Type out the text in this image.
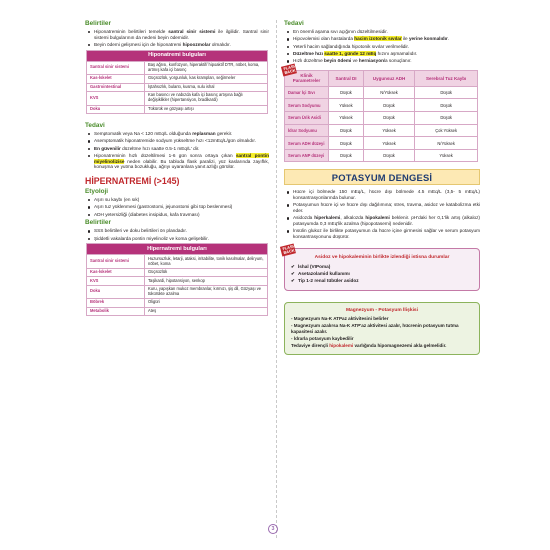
Belirtiler
Hiponatreminin belirtileri temelde santral sinir sistemi ile ilgilidir. Santral sinir sistemi bulgularının da nedeni beyin ödemidir.
Beyin ödemi gelişmesi için de hiponatremi hipoozmolar olmalıdır.
Hiponatremi bulguları	
Santral sinir sistemi	Baş ağrısı, konfüzyon, hiperaktif/ hipoaktif DTR, nöbet, koma, artmış kafa içi basınç
Kas-İskelet	Güçsüzlük, yorgunluk, kas krampları, seğirmeler
Gastrointestinal	İştahsızlık, bulantı, kusma, sulu ishal
KVS	Kan basıncı ve nabızda kafa içi basınç artışına bağlı değişiklikler (hipertansiyon, bradikardi)
Doku	Tükürük ve gözyaşı artışı
Tedavi
Semptomatik veya Na < 120 mEq/L olduğunda replasman gerekir.
Asemptomatik hiponatremide sodyum yükseltme hızı <12mEq/L/gün olmalıdır.
En güvenilir düzeltme hızı saatte 0.5-1 mEq/L' dir.
Hiponatreminin hızlı düzeltilmesi 1-6 gün sonra ortaya çıkan santral pontin miyelinolizise neden olabilir. Bu tabloda flask paralizi, yüz kaslarında zayıflık, konuşma ve yutma bozukluğu, ağrıyı uyaranlara yanıt azlığı görülür.
HİPERNATREMİ (>145)
Etyoloji
Aşırı su kaybı (en sık)
Aşırı tuz yüklenmesi (gastrostomi, jejunostomi gibi tüp beslenmesi)
ADH yetersizliği (diabetes insipidus, kafa travması)
Belirtiler
SSS belirtileri ve doku belirtileri ön plandadır.
Şiddetli vakalarda pontin miyelinoliz ve koma gelişebilir.
Hipernatremi bulguları	
Santral sinir sistemi	Huzursuzluk, letarji, ataksi, irritabilite, tonik kasılmalar, deliryum, nöbet, koma
Kas-İskelet	Güçsüzlük
KVS	Taşikardi, hipotansiyon, senkop
Doku	Kuru, yapışkan mukoz membranlar, kırmızı, şiş dil, Gözyaşı ve tükürükte azalma
Böbrek	Oligüri
Metabolik	Ateş
Tedavi
En önemli aşama sıvı açığının düzeltilmesidir.
Hipovolemisi olan hastalarda hacim izotonik sıvılar ile yerine konmalıdır.
Yeterli hacim sağlandığında hipotonik sıvılar verilmelidir.
Düzeltme hızı saatte 1, günde 12 mEq hızını aşmamalıdır.
Hızlı düzeltme beyin ödemi ve herniasyonla sonuçlanır.
FLASH BACK
Klinik Parametreler	Santral DI	Uygunsuz ADH	Serebral Tuz Kaybı
Damar İçi Sıvı	Düşük	N/Yüksek	Düşük
Serum Sodyumu	Yüksek	Düşük	Düşük
Serum Ürik Asidi	Yüksek	Düşük	Düşük
İdrar Sodyumu	Düşük	Yüksek	Çok Yüksek
Serum ADH düzeyi	Düşük	Yüksek	N/Yüksek
Serum ANP düzeyi	Düşük	Düşük	Yüksek
POTASYUM DENGESİ
Hücre içi bölmede 150 mEq/L, hücre dışı bölmede 4.5 mEq/L (3,5- 5 mEq/L) konsantrasyonlarında bulunur.
Potasyumun hücre içi ve hücre dışı dağılımına; stres, travma, asidoz ve katabolizma etki eder.
Asidozda hiperkalemi, alkalozda hipokalemi beklenir. pH'daki her 0,1'lik artış (alkaloz) potasyumda 0,3 mEq'lik azalma (hipopotasemi) nedenidir.
İnsülin glukoz ile birlikte potasyumun da hücre içine girmesini sağlar ve serum potasyum konsantrasyonunu düşürür.
FLASH BACK
Asidoz ve hipokaleminin birlikte izlendiği istisna durumlar
✔ İshal (VIPoma)
✔ Asetazolamid kullanımı
✔ Tip 1-2 renal tübüler asidoz
Magnezyum - Potasyum İlişkisi

- Magnezyum Na-K ATPaz aktivitesini belirler

- Magnezyum azalırsa Na-K ATP'az aktivitesi azalır, hücrenin potasyum tutma kapasitesi azalır.

- İdrarla potasyum kaybedilir

Tedaviye dirençli hipokalemi varlığında hipomagnezemi akla gelmelidir.

3
